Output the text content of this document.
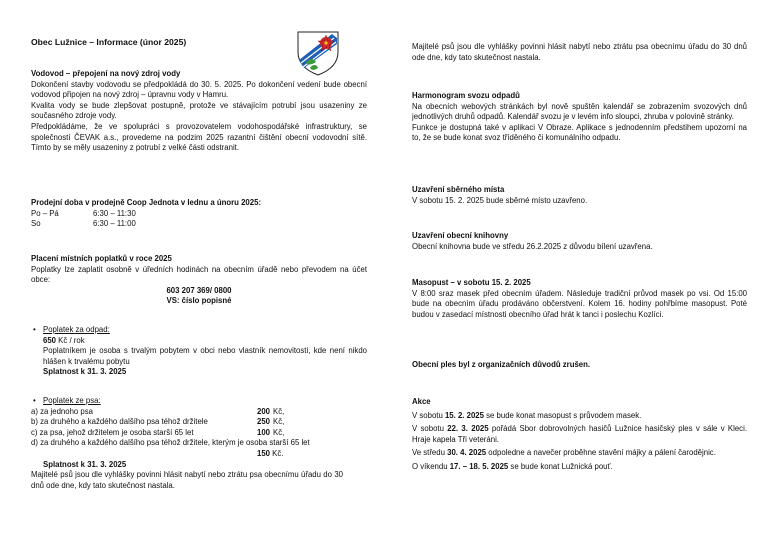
Obec Lužnice – Informace (únor 2025)
Vodovod – přepojení na nový zdroj vody

Dokončení stavby vodovodu se předpokládá do 30. 5. 2025. Po dokončení vedení bude obecní vodovod připojen na nový zdroj – úpravnu vody v Hamru.

Kvalita vody se bude zlepšovat postupně, protože ve stávajícím potrubí jsou usazeniny ze současného zdroje vody.

Předpokládáme, že ve spolupráci s provozovatelem vodohospodářské infrastruktury, se společností ČEVAK a.s., provedeme na podzim 2025 razantní čištění obecní vodovodní sítě. Tímto by se měly usazeniny z potrubí z velké části odstranit.

Prodejní doba v prodejně Coop Jednota v lednu a únoru 2025:
Po – Pá	6:30 – 11:30
So	6:30 – 11:00
Placení místních poplatků v roce 2025

Poplatky lze zaplatit osobně v úředních hodinách na obecním úřadě nebo převodem na účet obce:

603 207 369/ 0800
VS: číslo popisné
• Poplatek za odpad:
650 Kč / rok
Poplatníkem je osoba s trvalým pobytem v obci nebo vlastník nemovitosti, kde není nikdo hlášen k trvalému pobytu
Splatnost k 31. 3. 2025
• Poplatek ze psa:
a) za jednoho psa	200 Kč,
b) za druhého a každého dalšího psa téhož držitele	250 Kč,
c) za psa, jehož držitelem je osoba starší 65 let	100 Kč,
d) za druhého a každého dalšího psa téhož držitele, kterým je osoba starší 65 let
150 Kč.
Splatnost k 31. 3. 2025

Majitelé psů jsou dle vyhlášky povinni hlásit nabytí nebo ztrátu psa obecnímu úřadu do 30 dnů ode dne, kdy tato skutečnost nastala.

Majitelé psů jsou dle vyhlášky povinni hlásit nabytí nebo ztrátu psa obecnímu úřadu do 30 dnů ode dne, kdy tato skutečnost nastala.

Harmonogram svozu odpadů

Na obecních webových stránkách byl nově spuštěn kalendář se zobrazením svozových dnů jednotlivých druhů odpadů. Kalendář svozu je v levém info sloupci, zhruba v polovině stránky.

Funkce je dostupná také v aplikaci V Obraze. Aplikace s jednodenním předstihem upozorní na to, že se bude konat svoz tříděného či komunálního odpadu.

Uzavření sběrného místa

V sobotu 15. 2. 2025 bude sběrné místo uzavřeno.

Uzavření obecní knihovny

Obecní knihovna bude ve středu 26.2.2025 z důvodu bílení uzavřena.

Masopust – v sobotu 15. 2. 2025

V 8:00 sraz masek před obecním úřadem. Následuje tradiční průvod masek po vsi. Od 15:00 bude na obecním úřadu prodáváno občerstvení. Kolem 16. hodiny pohřbíme masopust. Poté budou v zasedací místnosti obecního úřad hrát k tanci i poslechu Kozlíci.

Obecní ples byl z organizačních důvodů zrušen.
Akce

V sobotu 15. 2. 2025 se bude konat masopust s průvodem masek.

V sobotu 22. 3. 2025 pořádá Sbor dobrovolných hasičů Lužnice hasičský ples v sále v Kleci. Hraje kapela Tři veteráni.

Ve středu 30. 4. 2025 odpoledne a navečer proběhne stavění májky a pálení čarodějnic.

O víkendu 17. – 18. 5. 2025 se bude konat Lužnická pouť.
